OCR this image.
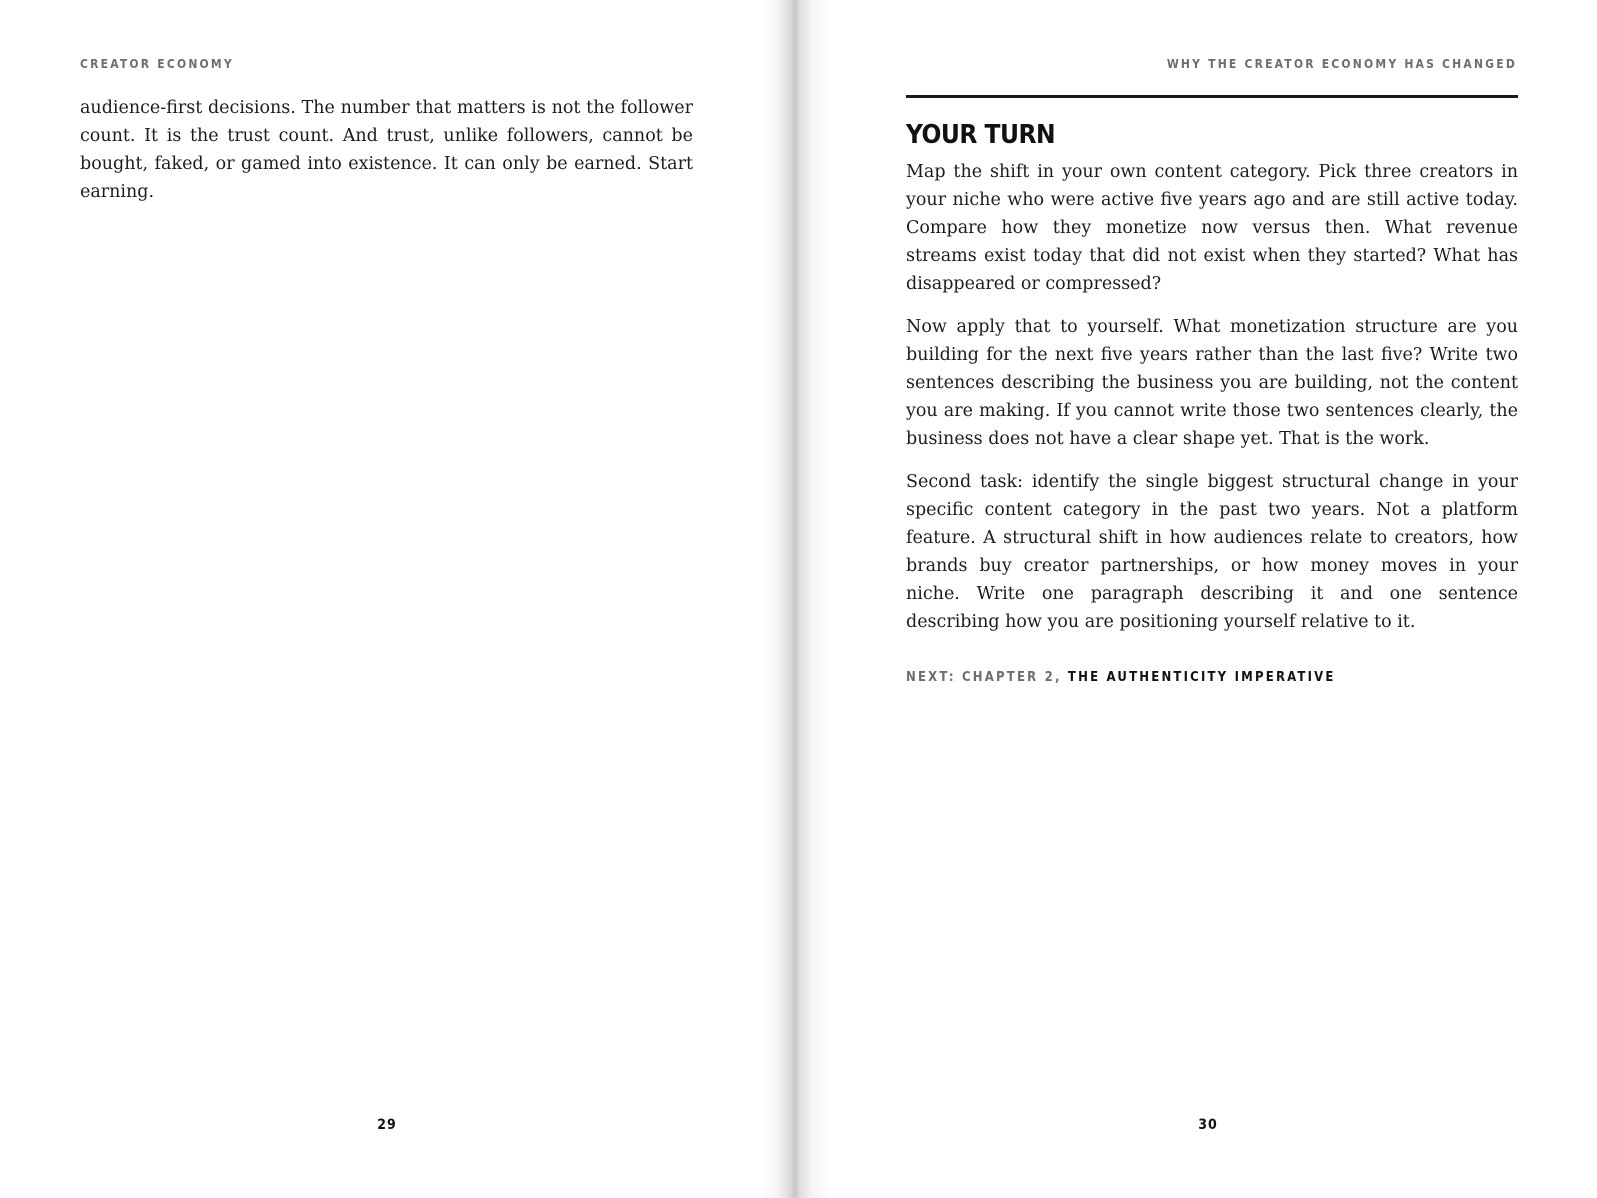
CREATOR ECONOMY

audience-first decisions. The number that matters is not the follower count. It is the trust count. And trust, unlike followers, cannot be bought, faked, or gamed into existence. It can only be earned. Start earning.

29
WHY THE CREATOR ECONOMY HAS CHANGED
YOUR TURN

Map the shift in your own content category. Pick three creators in your niche who were active five years ago and are still active today. Compare how they monetize now versus then. What revenue streams exist today that did not exist when they started? What has disappeared or compressed?

Now apply that to yourself. What monetization structure are you building for the next five years rather than the last five? Write two sentences describing the business you are building, not the content you are making. If you cannot write those two sentences clearly, the business does not have a clear shape yet. That is the work.

Second task: identify the single biggest structural change in your specific content category in the past two years. Not a platform feature. A structural shift in how audiences relate to creators, how brands buy creator partnerships, or how money moves in your niche. Write one paragraph describing it and one sentence describing how you are positioning yourself relative to it.

NEXT: CHAPTER 2, THE AUTHENTICITY IMPERATIVE
30
